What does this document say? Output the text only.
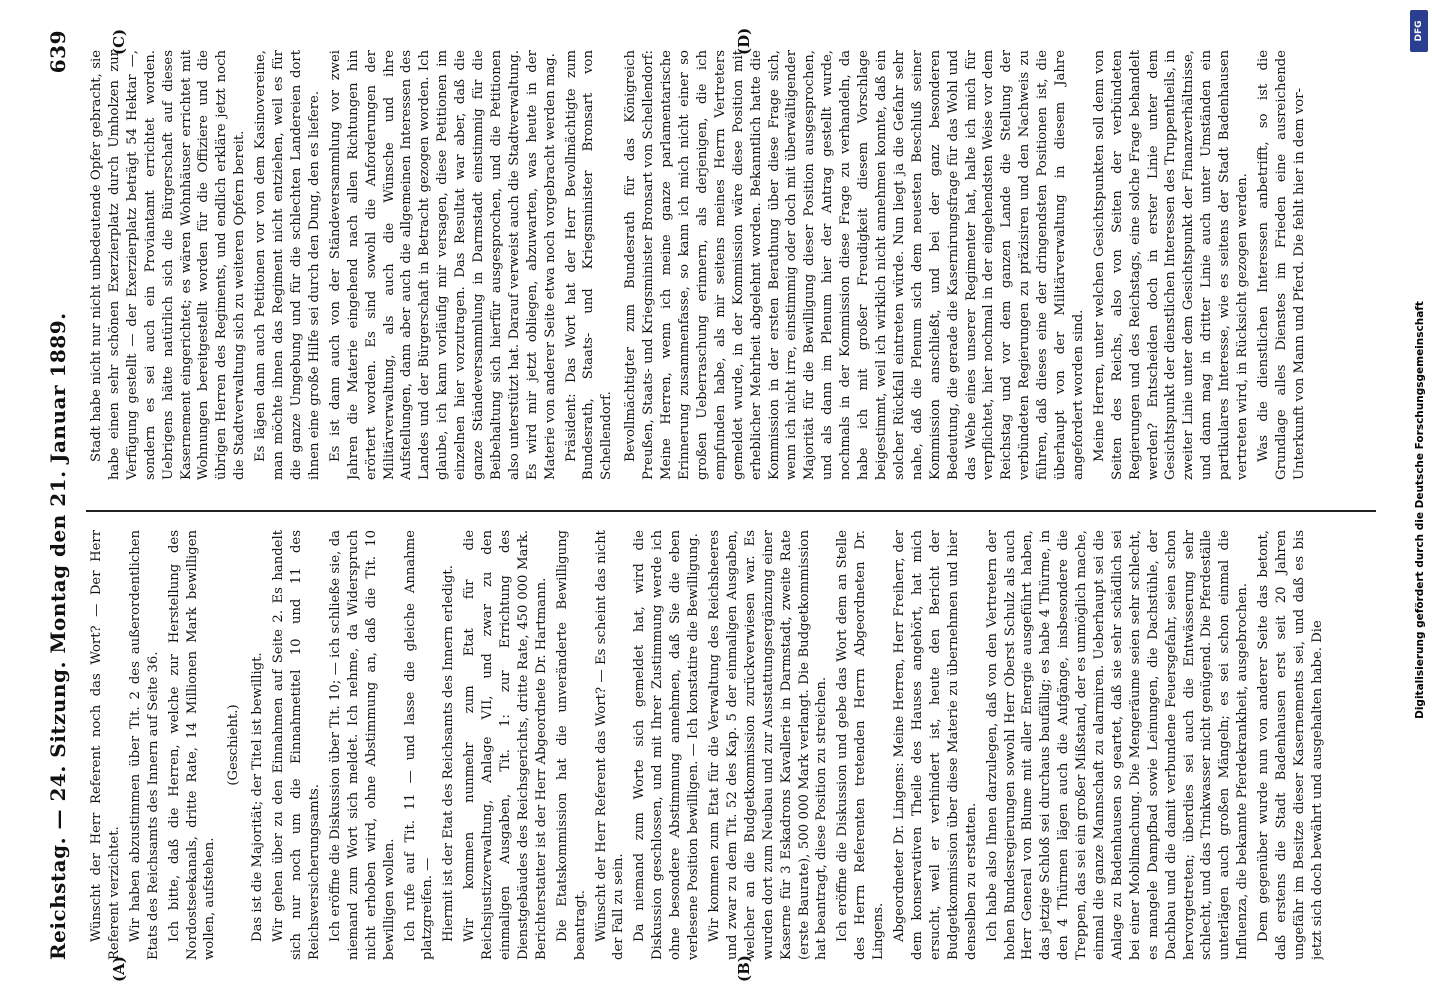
Reichstag. — 24. Sitzung. Montag den 21. Januar 1889.
639
(A)	(B)
(C)	(D)

Wünscht der Herr Referent noch das Wort? — Der Herr Referent verzichtet. Wir haben abzustimmen über Tit. 2 des außerordentlichen Etats des Reichsamts des Innern auf Seite 36. Ich bitte, daß die Herren, welche zur Herstellung des Nordostseekanals, dritte Rate, 14 Millionen Mark bewilligen wollen, aufstehen.

(Geschieht.) Das ist die Majorität; der Titel ist bewilligt. Wir gehen über zu den Einnahmen auf Seite 2. Es handelt sich nur noch um die Einnahmetitel 10 und 11 des Reichsversicherungsamts. Ich eröffne die Diskussion über Tit. 10; — ich schließe sie, da niemand zum Wort sich meldet. Ich nehme, da Widerspruch nicht erhoben wird, ohne Abstimmung an, daß die Tit. 10 bewilligen wollen. Ich rufe auf Tit. 11 — und lasse die gleiche Annahme platzgreifen. — Hiermit ist der Etat des Reichsamts des Innern erledigt. Wir kommen nunmehr zum Etat für die Reichsjustizverwaltung, Anlage VII, und zwar zu den einmaligen Ausgaben, Tit. 1: zur Errichtung des Dienstgebäudes des Reichsgerichts, dritte Rate, 450 000 Mark. Berichterstatter ist der Herr Abgeordnete Dr. Hartmann. Die Etatskommission hat die unveränderte Bewilligung beantragt. Wünscht der Herr Referent das Wort? — Es scheint das nicht der Fall zu sein. Da niemand zum Worte sich gemeldet hat, wird die Diskussion geschlossen, und mit Ihrer Zustimmung werde ich ohne besondere Abstimmung annehmen, daß Sie die eben verlesene Position bewilligen. — Ich konstatire die Bewilligung. Wir kommen zum Etat für die Verwaltung des Reichsheeres und zwar zu dem Tit. 52 des Kap. 5 der einmaligen Ausgaben, welcher an die Budgetkommission zurückverwiesen war. Es wurden dort zum Neubau und zur Ausstattungsergänzung einer Kaserne für 3 Eskadrons Kavallerie in Darmstadt, zweite Rate (erste Baurate), 500 000 Mark verlangt. Die Budgetkommission hat beantragt, diese Position zu streichen. Ich eröffne die Diskussion und gebe das Wort dem an Stelle des Herrn Referenten tretenden Herrn Abgeordneten Dr. Lingens. Abgeordneter Dr. Lingens: Meine Herren, Herr Freiherr, der dem konservativen Theile des Hauses angehört, hat mich ersucht, weil er verhindert ist, heute den Bericht der Budgetkommission über diese Materie zu übernehmen und hier denselben zu erstatten. Ich habe also Ihnen darzulegen, daß von den Vertretern der hohen Bundesregierungen sowohl Herr Oberst Schulz als auch Herr General von Blume mit aller Energie ausgeführt haben, das jetzige Schloß sei durchaus baufällig; es habe 4 Thürme, in den 4 Thürmen lägen auch die Aufgänge, insbesondere die Treppen, das sei ein großer Mißstand, der es unmöglich mache, einmal die ganze Mannschaft zu alarmiren. Ueberhaupt sei die Anlage zu Badenhausen so geartet, daß sie sehr schädlich sei bei einer Mobilmachung. Die Mengeräume seien sehr schlecht, es mangele Dampfbad sowie Leinungen, die Dachstühle, der Dachbau und die damit verbundene Feuersgefahr, seien schon hervorgetreten; überdies sei auch die Entwässerung sehr schlecht, und das Trinkwasser nicht genügend. Die Pferdeställe unterlägen auch großen Mängeln; es sei schon einmal die Influenza, die bekannte Pferdekrankheit, ausgebrochen. Dem gegenüber wurde nun von anderer Seite das betont, daß erstens die Stadt Badenhausen erst seit 20 Jahren ungefähr im Besitze dieser Kasernements sei, und daß es bis jetzt sich doch bewährt und ausgehalten habe. Die

Stadt habe nicht nur nicht unbedeutende Opfer gebracht, sie habe einen sehr schönen Exerzierplatz durch Umholzen zur Verfügung gestellt — der Exerzierplatz beträgt 54 Hektar —, sondern es sei auch ein Proviantamt errichtet worden. Uebrigens hätte natürlich sich die Bürgerschaft auf dieses Kasernement eingerichtet; es wären Wohnhäuser errichtet mit Wohnungen bereitgestellt worden für die Offiziere und die übrigen Herren des Regiments, und endlich erkläre jetzt noch die Stadtverwaltung sich zu weiteren Opfern bereit. Es lägen dann auch Petitionen vor von dem Kasinovereine, man möchte ihnen das Regiment nicht entziehen, weil es für die ganze Umgebung und für die schlechten Landereien dort ihnen eine große Hilfe sei durch den Dung, den es liefere. Es ist dann auch von der Ständeversammlung vor zwei Jahren die Materie eingehend nach allen Richtungen hin erörtert worden. Es sind sowohl die Anforderungen der Militärverwaltung, als auch die Wünsche und ihre Aufstellungen, dann aber auch die allgemeinen Interessen des Landes und der Bürgerschaft in Betracht gezogen worden. Ich glaube, ich kann vorläufig mir versagen, diese Petitionen im einzelnen hier vorzutragen. Das Resultat war aber, daß die ganze Ständeversammlung in Darmstadt einstimmig für die Beibehaltung sich hierfür ausgesprochen, und die Petitionen also unterstützt hat. Darauf verweist auch die Stadtverwaltung. Es wird mir jetzt obliegen, abzuwarten, was heute in der Materie von anderer Seite etwa noch vorgebracht werden mag. Präsident: Das Wort hat der Herr Bevollmächtigte zum Bundesrath, Staats- und Kriegsminister Bronsart von Schellendorf. Bevollmächtigter zum Bundesrath für das Königreich Preußen, Staats- und Kriegsminister Bronsart von Schellendorf: Meine Herren, wenn ich meine ganze parlamentarische Erinnerung zusammenfasse, so kann ich mich nicht einer so großen Ueberraschung erinnern, als derjenigen, die ich empfunden habe, als mir seitens meines Herrn Vertreters gemeldet wurde, in der Kommission wäre diese Position mit erheblicher Mehrheit abgelehnt worden. Bekanntlich hatte die Kommission in der ersten Berathung über diese Frage sich, wenn ich nicht irre, einstimmig oder doch mit überwältigender Majorität für die Bewilligung dieser Position ausgesprochen, und als dann im Plenum hier der Antrag gestellt wurde, nochmals in der Kommission diese Frage zu verhandeln, da habe ich mit großer Freudigkeit diesem Vorschlage beigestimmt, weil ich wirklich nicht annehmen konnte, daß ein solcher Rückfall eintreten würde. Nun liegt ja die Gefahr sehr nahe, daß die Plenum sich dem neuesten Beschluß seiner Kommission anschließt, und bei der ganz besonderen Bedeutung, die gerade die Kasernirungsfrage für das Wohl und das Wehe eines unserer Regimenter hat, halte ich mich für verpflichtet, hier nochmal in der eingehendsten Weise vor dem Reichstag und vor dem ganzen Lande die Stellung der verbündeten Regierungen zu präzisiren und den Nachweis zu führen, daß dieses eine der dringendsten Positionen ist, die überhaupt von der Militärverwaltung in diesem Jahre angefordert worden sind. Meine Herren, unter welchen Gesichtspunkten soll denn von Seiten des Reichs, also von Seiten der verbündeten Regierungen und des Reichstags, eine solche Frage behandelt werden? Entscheiden doch in erster Linie unter dem Gesichtspunkt der dienstlichen Interessen des Truppentheils, in zweiter Linie unter dem Gesichtspunkt der Finanzverhältnisse, und dann mag in dritter Linie auch unter Umständen ein partikulares Interesse, wie es seitens der Stadt Badenhausen vertreten wird, in Rücksicht gezogen werden. Was die dienstlichen Interessen anbetrifft, so ist die Grundlage alles Dienstes im Frieden eine ausreichende Unterkunft von Mann und Pferd. Die fehlt hier in dem vor-

Digitalisierung gefördert durch die Deutsche Forschungsgemeinschaft
DFG
